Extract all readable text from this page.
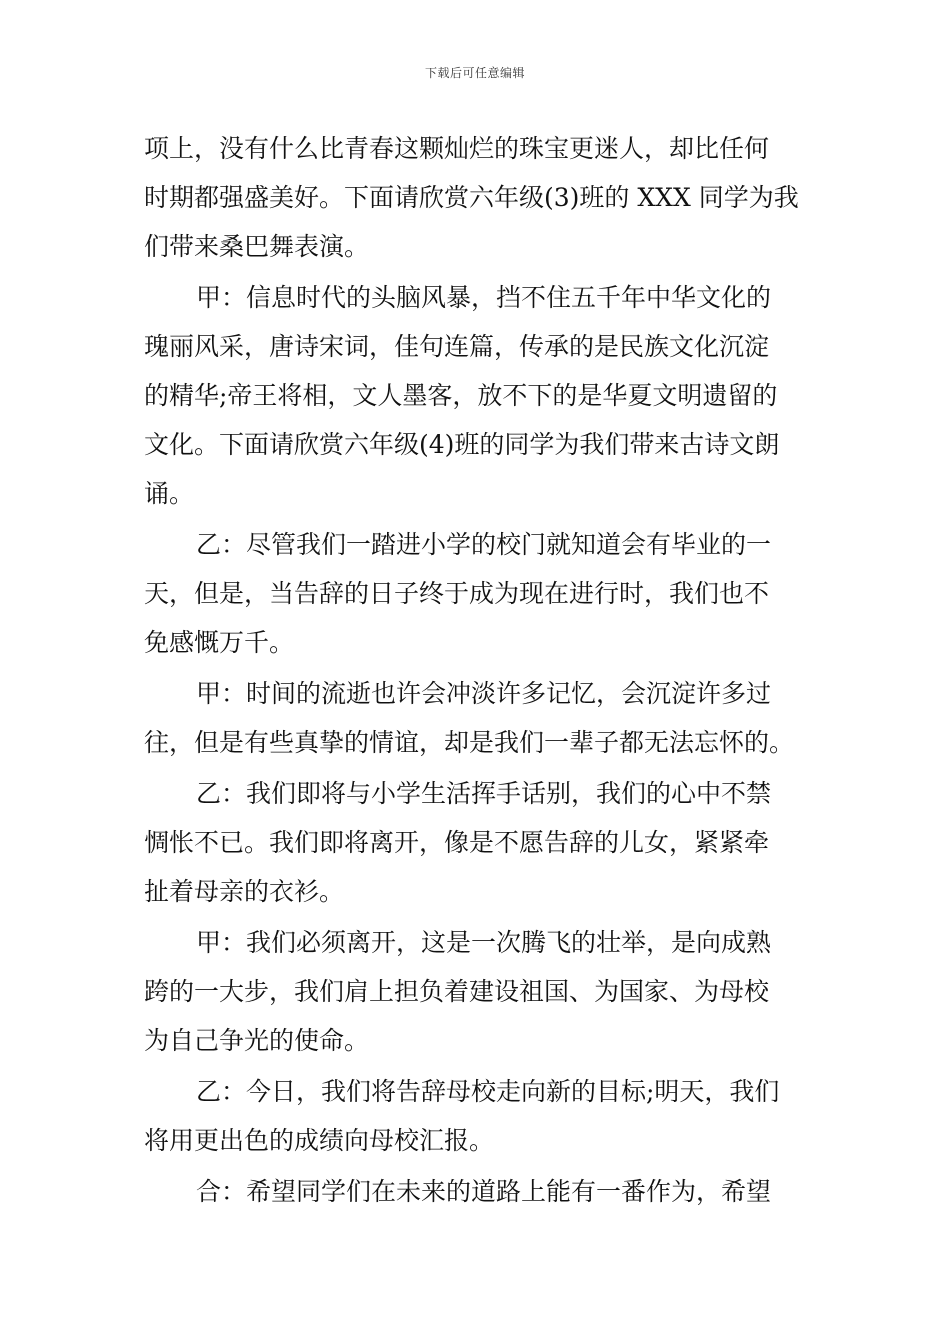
下载后可任意编辑

项上，没有什么比青春这颗灿烂的珠宝更迷人，却比任何
时期都强盛美好。下面请欣赏六年级(3)班的 XXX 同学为我
们带来桑巴舞表演。

甲：信息时代的头脑风暴，挡不住五千年中华文化的
瑰丽风采，唐诗宋词，佳句连篇，传承的是民族文化沉淀
的精华;帝王将相，文人墨客，放不下的是华夏文明遗留的
文化。下面请欣赏六年级(4)班的同学为我们带来古诗文朗
诵。

乙：尽管我们一踏进小学的校门就知道会有毕业的一
天，但是，当告辞的日子终于成为现在进行时，我们也不
免感慨万千。

甲：时间的流逝也许会冲淡许多记忆，会沉淀许多过
往，但是有些真挚的情谊，却是我们一辈子都无法忘怀的。

乙：我们即将与小学生活挥手话别，我们的心中不禁
惆怅不已。我们即将离开，像是不愿告辞的儿女，紧紧牵
扯着母亲的衣衫。

甲：我们必须离开，这是一次腾飞的壮举，是向成熟
跨的一大步，我们肩上担负着建设祖国、为国家、为母校
为自己争光的使命。

乙：今日，我们将告辞母校走向新的目标;明天，我们
将用更出色的成绩向母校汇报。

合：希望同学们在未来的道路上能有一番作为，希望
